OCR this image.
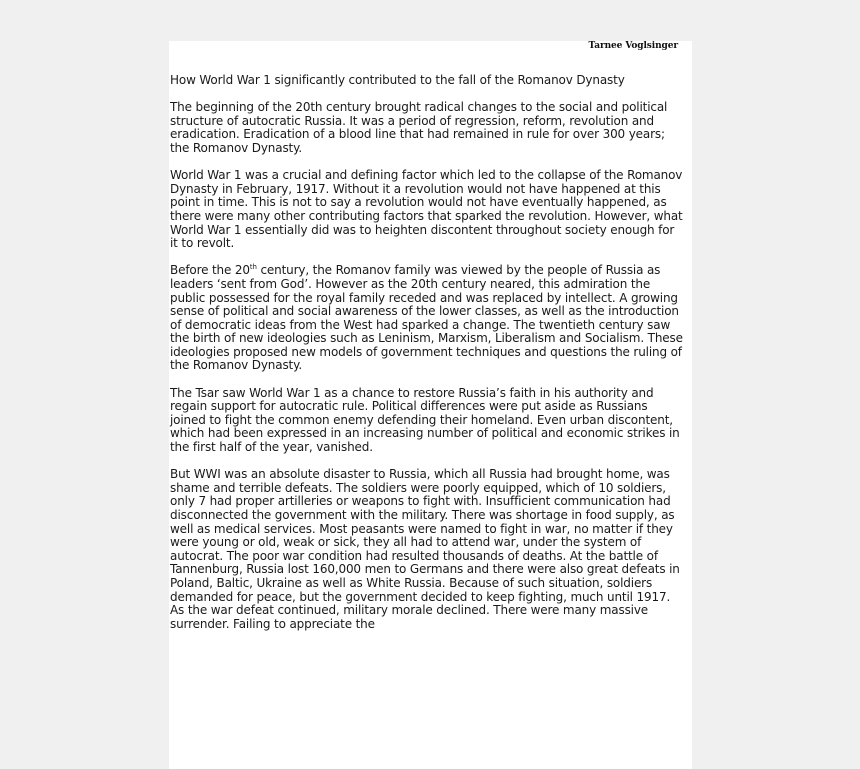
Tarnee Voglsinger

How World War 1 significantly contributed to the fall of the Romanov Dynasty

The beginning of the 20th century brought radical changes to the social and political structure of autocratic Russia. It was a period of regression, reform, revolution and eradication. Eradication of a blood line that had remained in rule for over 300 years; the Romanov Dynasty.

World War 1 was a crucial and defining factor which led to the collapse of the Romanov Dynasty in February, 1917. Without it a revolution would not have happened at this point in time. This is not to say a revolution would not have eventually happened, as there were many other contributing factors that sparked the revolution. However, what World War 1 essentially did was to heighten discontent throughout society enough for it to revolt.

Before the 20th century, the Romanov family was viewed by the people of Russia as leaders ‘sent from God’. However as the 20th century neared, this admiration the public possessed for the royal family receded and was replaced by intellect. A growing sense of political and social awareness of the lower classes, as well as the introduction of democratic ideas from the West had sparked a change. The twentieth century saw the birth of new ideologies such as Leninism, Marxism, Liberalism and Socialism. These ideologies proposed new models of government techniques and questions the ruling of the Romanov Dynasty.

The Tsar saw World War 1 as a chance to restore Russia’s faith in his authority and regain support for autocratic rule. Political differences were put aside as Russians joined to fight the common enemy defending their homeland. Even urban discontent, which had been expressed in an increasing number of political and economic strikes in the first half of the year, vanished.

But WWI was an absolute disaster to Russia, which all Russia had brought home, was shame and terrible defeats. The soldiers were poorly equipped, which of 10 soldiers, only 7 had proper artilleries or weapons to fight with. Insufficient communication had disconnected the government with the military. There was shortage in food supply, as well as medical services. Most peasants were named to fight in war, no matter if they were young or old, weak or sick, they all had to attend war, under the system of autocrat. The poor war condition had resulted thousands of deaths. At the battle of Tannenburg, Russia lost 160,000 men to Germans and there were also great defeats in Poland, Baltic, Ukraine as well as White Russia. Because of such situation, soldiers demanded for peace, but the government decided to keep fighting, much until 1917. As the war defeat continued, military morale declined. There were many massive surrender. Failing to appreciate the
